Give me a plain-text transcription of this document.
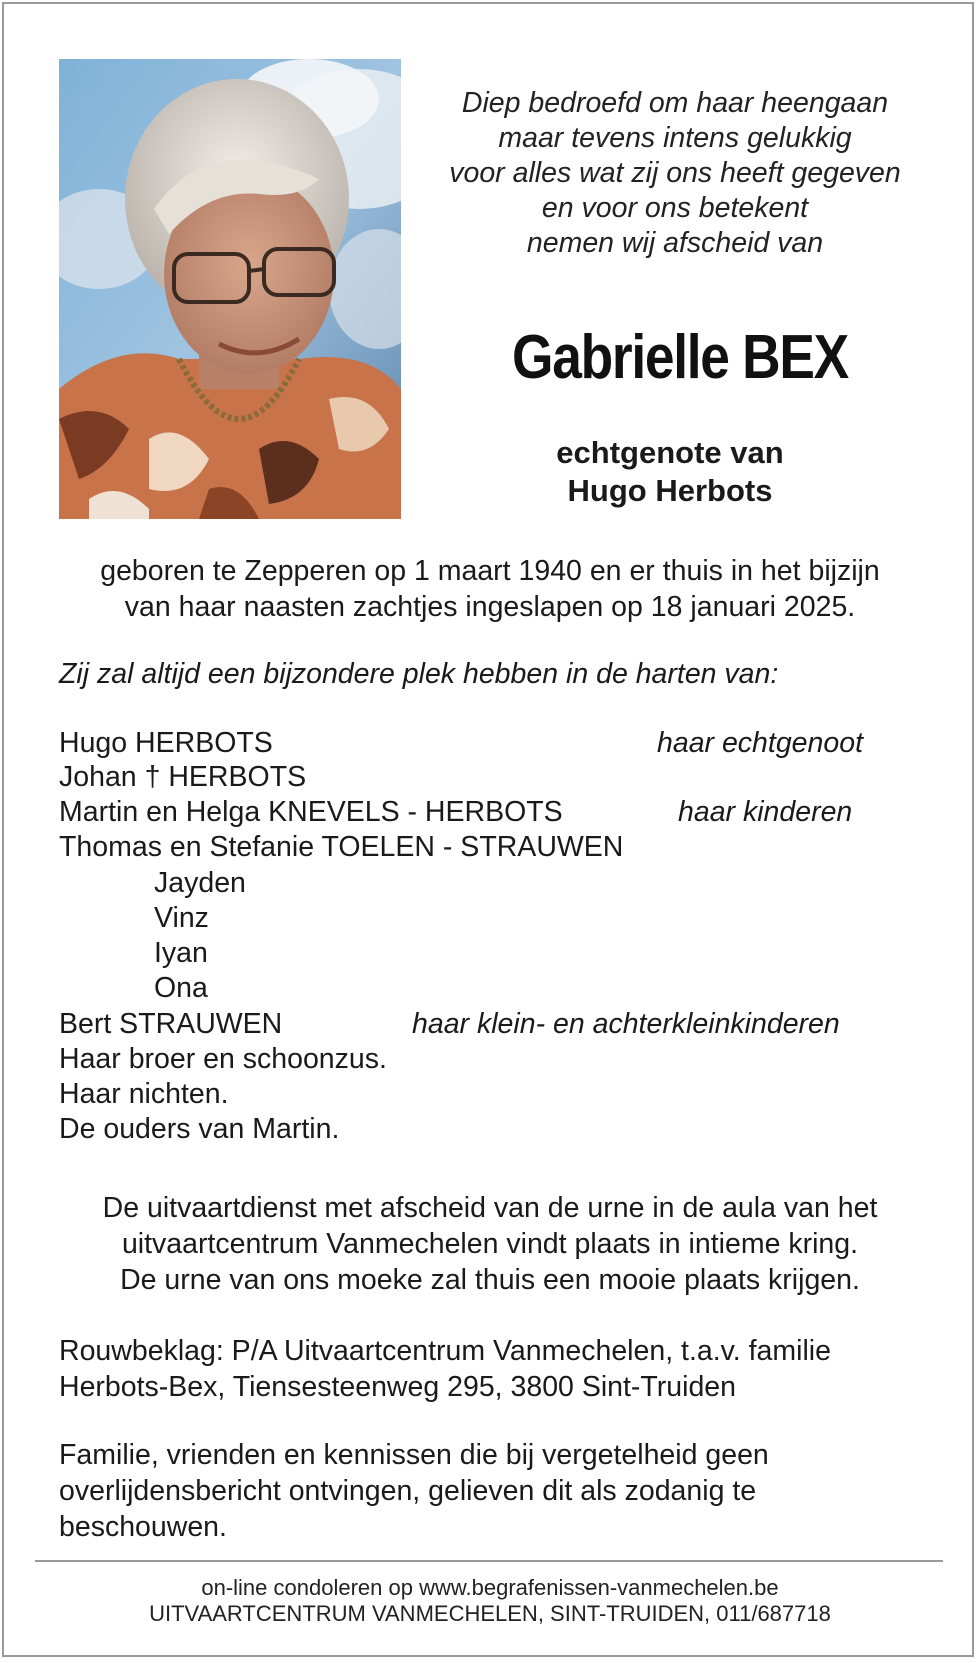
Diep bedroefd om haar heengaan
maar tevens intens gelukkig
voor alles wat zij ons heeft gegeven
en voor ons betekent
nemen wij afscheid van
Gabrielle BEX
echtgenote van
Hugo Herbots
geboren te Zepperen op 1 maart 1940 en er thuis in het bijzijn
van haar naasten zachtjes ingeslapen op 18 januari 2025.
Zij zal altijd een bijzondere plek hebben in de harten van:
Hugo HERBOTS
Johan † HERBOTS
Martin en Helga KNEVELS - HERBOTS
Thomas en Stefanie TOELEN - STRAUWEN
Jayden
Vinz
Iyan
Ona
Bert STRAUWEN
Haar broer en schoonzus.
Haar nichten.
De ouders van Martin.
haar echtgenoot
haar kinderen
haar klein- en achterkleinkinderen
De uitvaartdienst met afscheid van de urne in de aula van het
uitvaartcentrum Vanmechelen vindt plaats in intieme kring.
De urne van ons moeke zal thuis een mooie plaats krijgen.
Rouwbeklag: P/A Uitvaartcentrum Vanmechelen, t.a.v. familie
Herbots-Bex, Tiensesteenweg 295, 3800 Sint-Truiden
Familie, vrienden en kennissen die bij vergetelheid geen
overlijdensbericht ontvingen, gelieven dit als zodanig te
beschouwen.
on-line condoleren op www.begrafenissen-vanmechelen.be
UITVAARTCENTRUM VANMECHELEN, SINT-TRUIDEN, 011/687718
